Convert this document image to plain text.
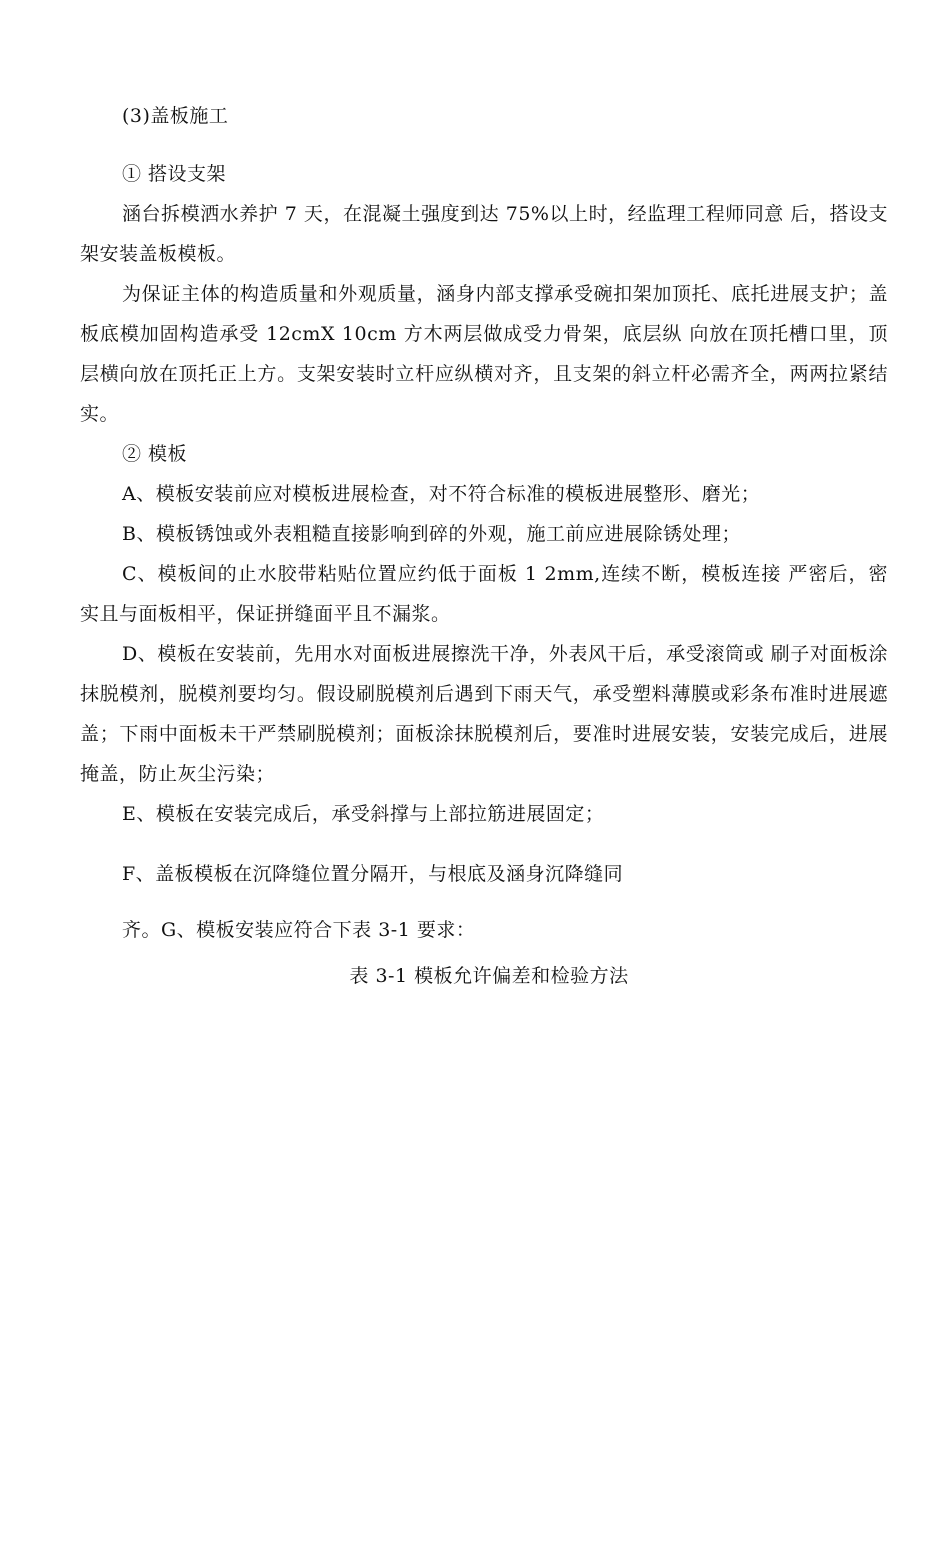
(3)盖板施工

① 搭设支架

涵台拆模洒水养护 7 天，在混凝土强度到达 75%以上时，经监理工程师同意 后，搭设支架安装盖板模板。

为保证主体的构造质量和外观质量，涵身内部支撑承受碗扣架加顶托、底托进展支护；盖板底模加固构造承受 12cmX 10cm 方木两层做成受力骨架，底层纵 向放在顶托槽口里，顶层横向放在顶托正上方。支架安装时立杆应纵横对齐，且支架的斜立杆必需齐全，两两拉紧结实。

② 模板

A、模板安装前应对模板进展检查，对不符合标准的模板进展整形、磨光；

B、模板锈蚀或外表粗糙直接影响到碎的外观，施工前应进展除锈处理；

C、模板间的止水胶带粘贴位置应约低于面板 1 2mm,连续不断，模板连接 严密后，密实且与面板相平，保证拼缝面平且不漏浆。

D、模板在安装前，先用水对面板进展擦洗干净，外表风干后，承受滚筒或 刷子对面板涂抹脱模剂，脱模剂要均匀。假设刷脱模剂后遇到下雨天气，承受塑料薄膜或彩条布准时进展遮盖；下雨中面板未干严禁刷脱模剂；面板涂抹脱模剂后，要准时进展安装，安装完成后，进展掩盖，防止灰尘污染；

E、模板在安装完成后，承受斜撑与上部拉筋进展固定；

F、盖板模板在沉降缝位置分隔开，与根底及涵身沉降缝同

齐。G、模板安装应符合下表 3-1 要求：

表 3-1 模板允许偏差和检验方法
